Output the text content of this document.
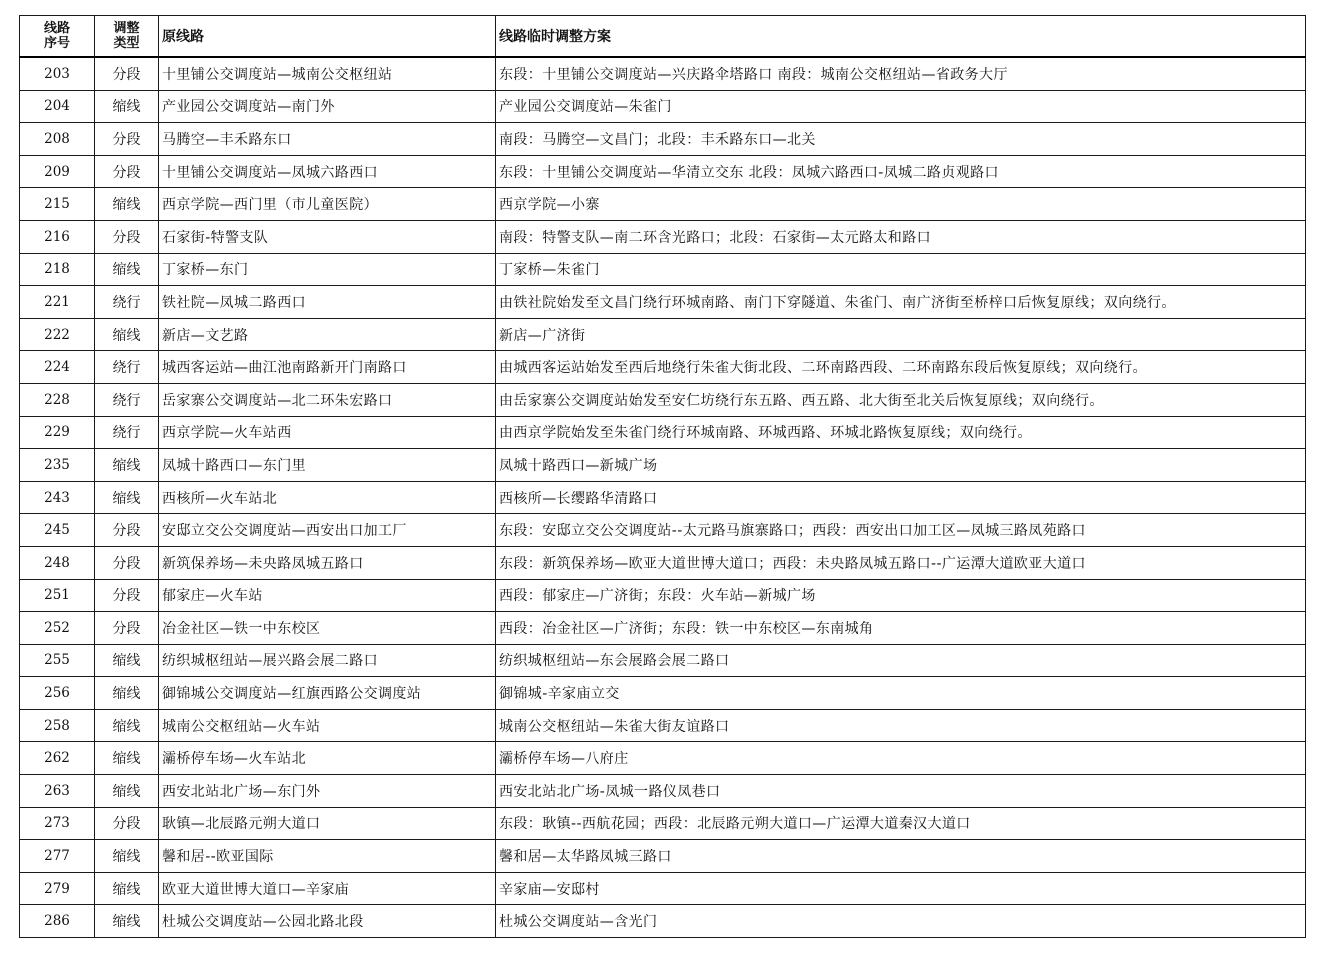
线路序号	调整类型	原线路	线路临时调整方案
203	分段	十里铺公交调度站—城南公交枢纽站	东段：十里铺公交调度站—兴庆路伞塔路口 南段：城南公交枢纽站—省政务大厅
204	缩线	产业园公交调度站—南门外	产业园公交调度站—朱雀门
208	分段	马腾空—丰禾路东口	南段：马腾空—文昌门；北段：丰禾路东口—北关
209	分段	十里铺公交调度站—凤城六路西口	东段：十里铺公交调度站—华清立交东 北段：凤城六路西口-凤城二路贞观路口
215	缩线	西京学院—西门里（市儿童医院）	西京学院—小寨
216	分段	石家街-特警支队	南段：特警支队—南二环含光路口；北段：石家街—太元路太和路口
218	缩线	丁家桥—东门	丁家桥—朱雀门
221	绕行	铁社院—凤城二路西口	由铁社院始发至文昌门绕行环城南路、南门下穿隧道、朱雀门、南广济街至桥梓口后恢复原线；双向绕行。
222	缩线	新店—文艺路	新店—广济街
224	绕行	城西客运站—曲江池南路新开门南路口	由城西客运站始发至西后地绕行朱雀大街北段、二环南路西段、二环南路东段后恢复原线；双向绕行。
228	绕行	岳家寨公交调度站—北二环朱宏路口	由岳家寨公交调度站始发至安仁坊绕行东五路、西五路、北大街至北关后恢复原线；双向绕行。
229	绕行	西京学院—火车站西	由西京学院始发至朱雀门绕行环城南路、环城西路、环城北路恢复原线；双向绕行。
235	缩线	凤城十路西口—东门里	凤城十路西口—新城广场
243	缩线	西核所—火车站北	西核所—长缨路华清路口
245	分段	安邸立交公交调度站—西安出口加工厂	东段：安邸立交公交调度站--太元路马旗寨路口；西段：西安出口加工区—凤城三路凤苑路口
248	分段	新筑保养场—未央路凤城五路口	东段：新筑保养场—欧亚大道世博大道口；西段：未央路凤城五路口--广运潭大道欧亚大道口
251	分段	郁家庄—火车站	西段：郁家庄—广济街；东段：火车站—新城广场
252	分段	冶金社区—铁一中东校区	西段：冶金社区—广济街；东段：铁一中东校区—东南城角
255	缩线	纺织城枢纽站—展兴路会展二路口	纺织城枢纽站—东会展路会展二路口
256	缩线	御锦城公交调度站—红旗西路公交调度站	御锦城-辛家庙立交
258	缩线	城南公交枢纽站—火车站	城南公交枢纽站—朱雀大街友谊路口
262	缩线	灞桥停车场—火车站北	灞桥停车场—八府庄
263	缩线	西安北站北广场—东门外	西安北站北广场-凤城一路仪凤巷口
273	分段	耿镇—北辰路元朔大道口	东段：耿镇--西航花园；西段：北辰路元朔大道口—广运潭大道秦汉大道口
277	缩线	馨和居--欧亚国际	馨和居—太华路凤城三路口
279	缩线	欧亚大道世博大道口—辛家庙	辛家庙—安邸村
286	缩线	杜城公交调度站—公园北路北段	杜城公交调度站—含光门
